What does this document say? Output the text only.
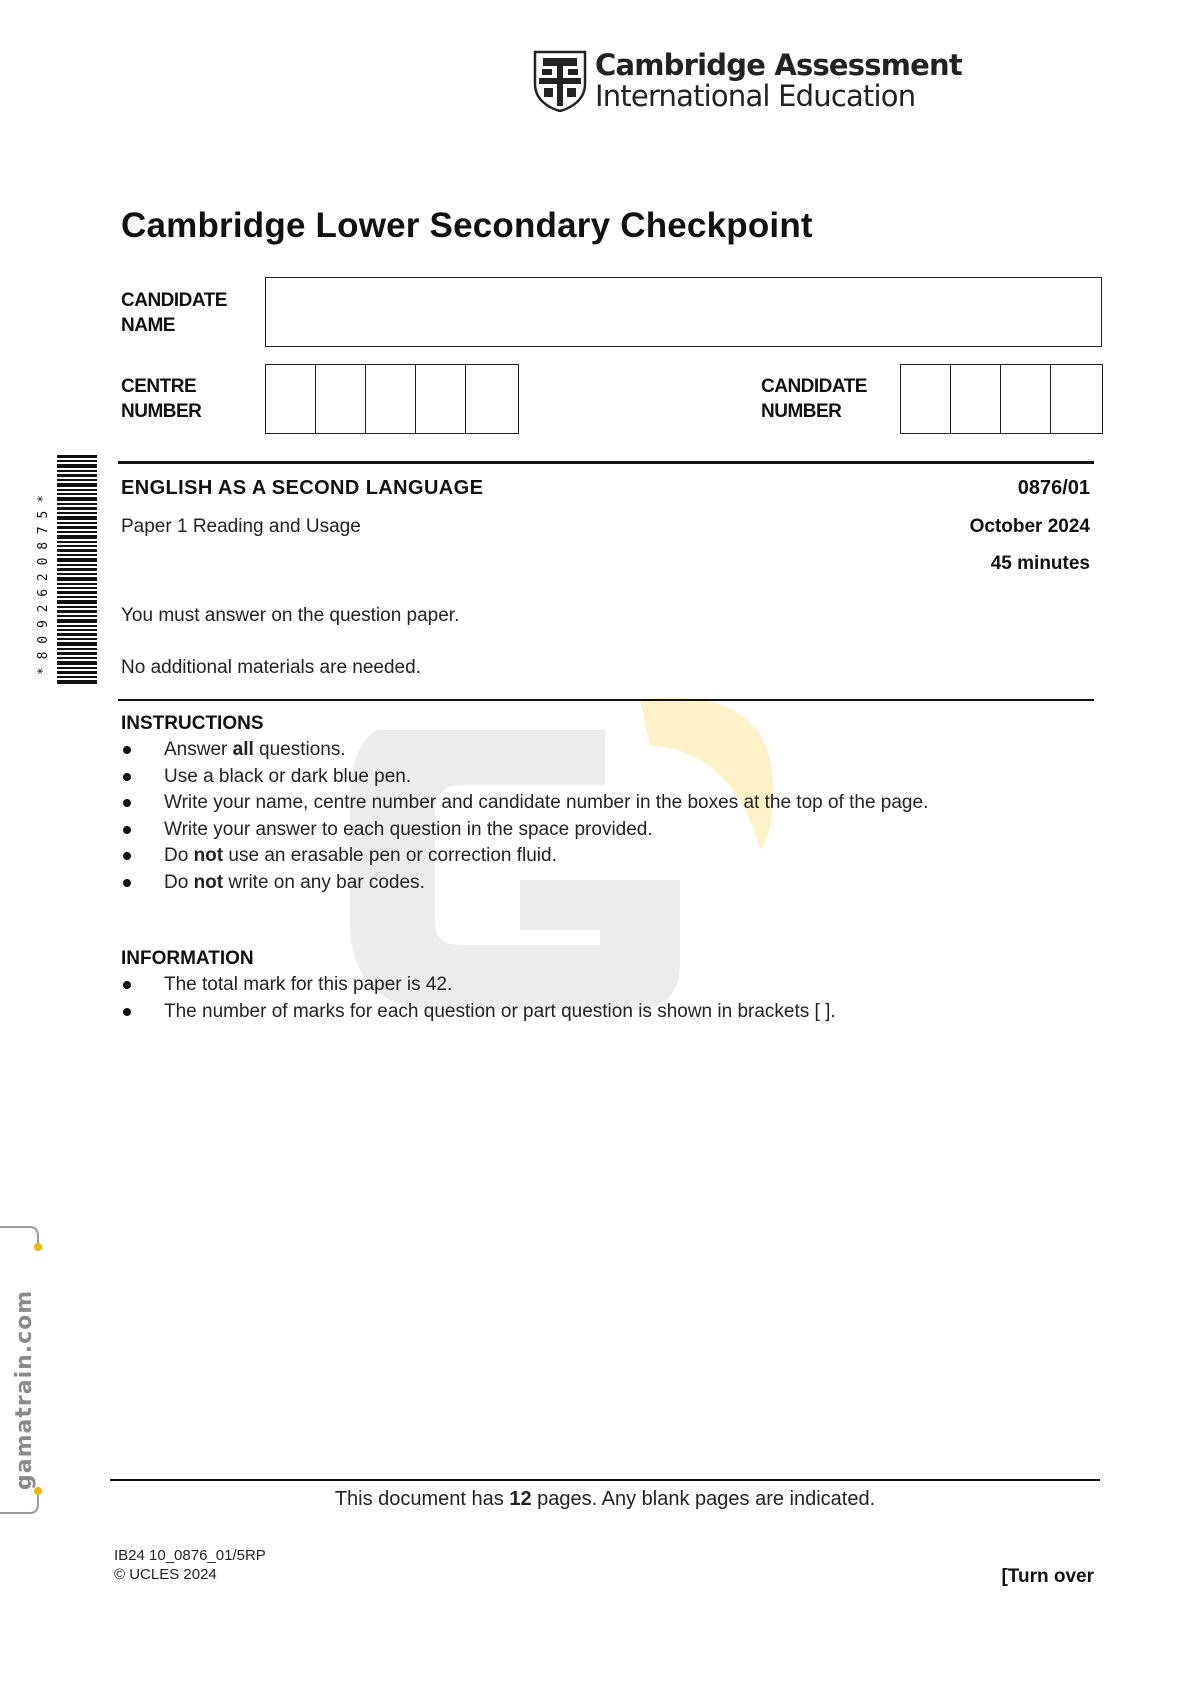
gamatrain.com
Cambridge Assessment
International Education
Cambridge Lower Secondary Checkpoint
CANDIDATE
NAME
CENTRE
NUMBER
CANDIDATE
NUMBER
* 8 0 9 2 6 2 0 8 7 5 *
ENGLISH AS A SECOND LANGUAGE	0876/01
Paper 1 Reading and Usage	October 2024
45 minutes
You must answer on the question paper.
No additional materials are needed.
INSTRUCTIONS
Answer all questions.
Use a black or dark blue pen.
Write your name, centre number and candidate number in the boxes at the top of the page.
Write your answer to each question in the space provided.
Do not use an erasable pen or correction fluid.
Do not write on any bar codes.
INFORMATION
The total mark for this paper is 42.
The number of marks for each question or part question is shown in brackets [ ].
This document has 12 pages. Any blank pages are indicated.
IB24 10_0876_01/5RP
© UCLES 2024	[Turn over
